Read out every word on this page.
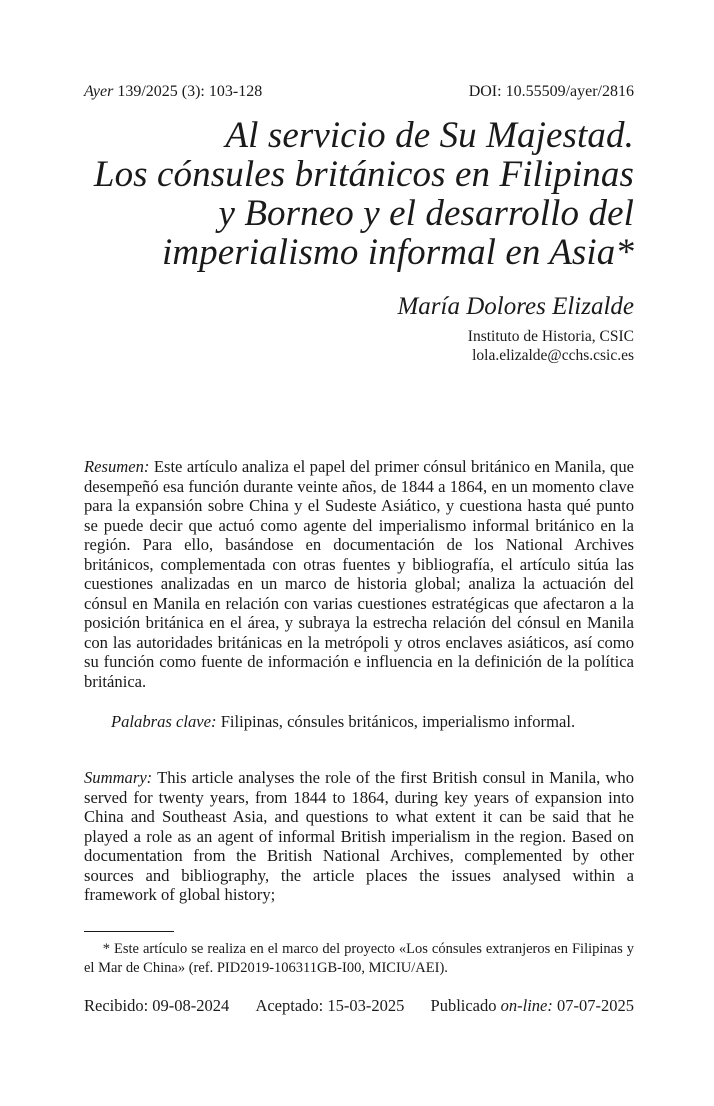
Ayer 139/2025 (3): 103-128	DOI: 10.55509/ayer/2816
Al servicio de Su Majestad.
Los cónsules británicos en Filipinas
y Borneo y el desarrollo del
imperialismo informal en Asia*
María Dolores Elizalde
Instituto de Historia, CSIC
lola.elizalde@cchs.csic.es

Resumen: Este artículo analiza el papel del primer cónsul británico en Manila, que desempeñó esa función durante veinte años, de 1844 a 1864, en un momento clave para la expansión sobre China y el Sudeste Asiático, y cuestiona hasta qué punto se puede decir que actuó como agente del imperialismo informal británico en la región. Para ello, basándose en documentación de los National Archives británicos, complementada con otras fuentes y bibliografía, el artículo sitúa las cuestiones analizadas en un marco de historia global; analiza la actuación del cónsul en Manila en relación con varias cuestiones estratégicas que afectaron a la posición británica en el área, y subraya la estrecha relación del cónsul en Manila con las autoridades británicas en la metrópoli y otros enclaves asiáticos, así como su función como fuente de información e influencia en la definición de la política británica.

Palabras clave: Filipinas, cónsules británicos, imperialismo informal.

Summary: This article analyses the role of the first British consul in Manila, who served for twenty years, from 1844 to 1864, during key years of expansion into China and Southeast Asia, and questions to what extent it can be said that he played a role as an agent of informal British imperialism in the region. Based on documentation from the British National Archives, complemented by other sources and bibliography, the article places the issues analysed within a framework of global history;

* Este artículo se realiza en el marco del proyecto «Los cónsules extranjeros en Filipinas y el Mar de China» (ref. PID2019-106311GB-I00, MICIU/AEI).

Recibido: 09-08-2024 Aceptado: 15-03-2025 Publicado on-line: 07-07-2025
